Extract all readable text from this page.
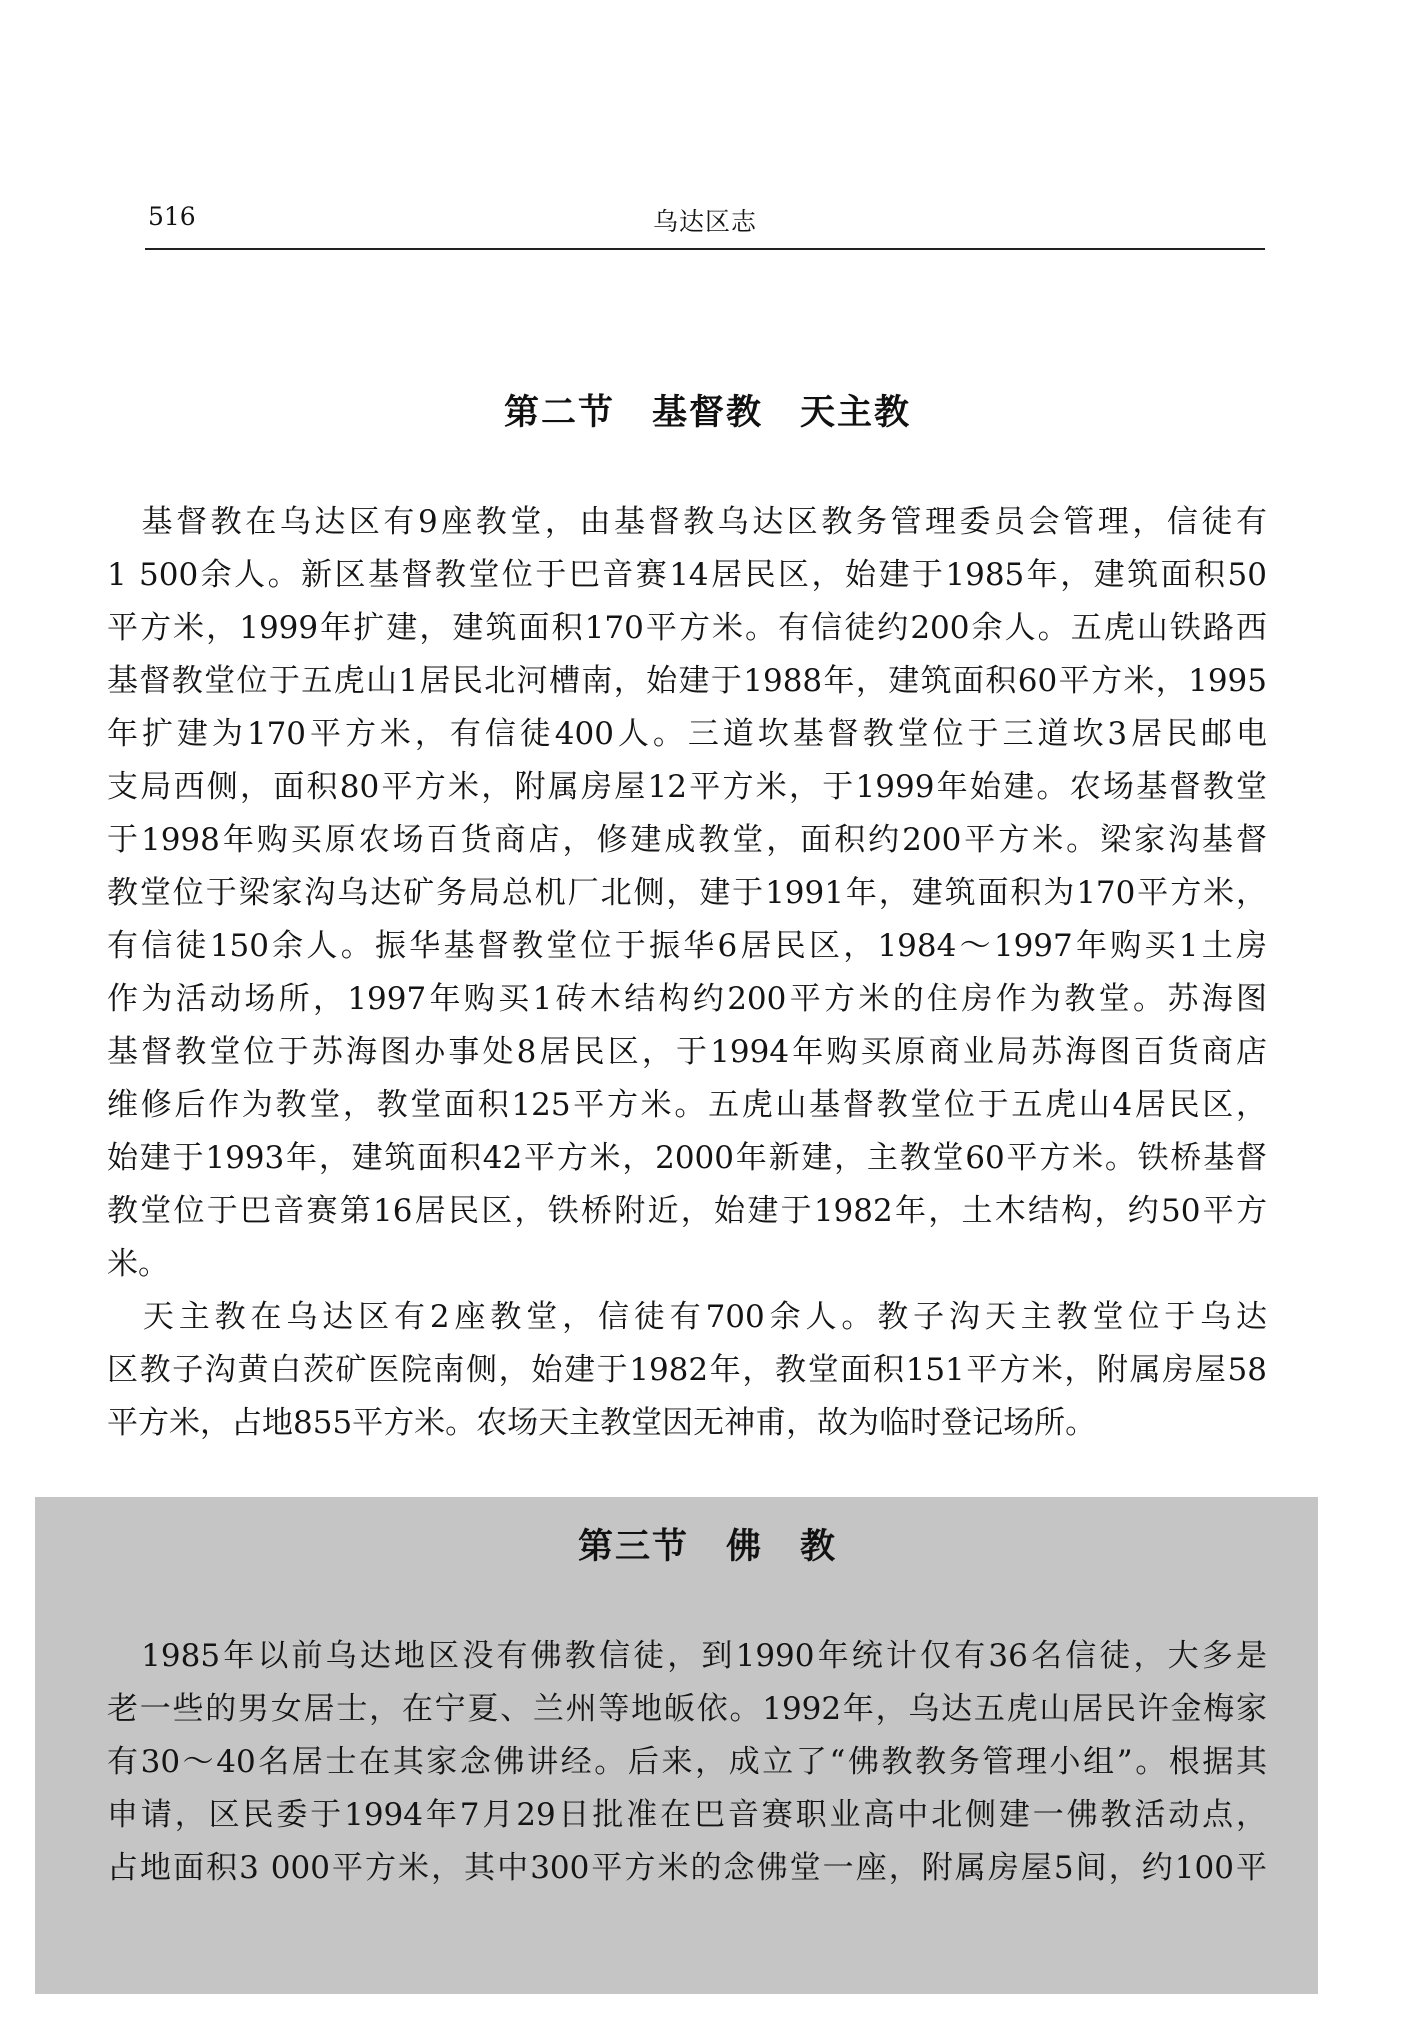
516	乌达区志
第二节　基督教　天主教
　基督教在乌达区有9座教堂，由基督教乌达区教务管理委员会管理，信徒有
1 500余人。新区基督教堂位于巴音赛14居民区，始建于1985年，建筑面积50
平方米，1999年扩建，建筑面积170平方米。有信徒约200余人。五虎山铁路西
基督教堂位于五虎山1居民北河槽南，始建于1988年，建筑面积60平方米，1995
年扩建为170平方米，有信徒400人。三道坎基督教堂位于三道坎3居民邮电
支局西侧，面积80平方米，附属房屋12平方米，于1999年始建。农场基督教堂
于1998年购买原农场百货商店，修建成教堂，面积约200平方米。梁家沟基督
教堂位于梁家沟乌达矿务局总机厂北侧，建于1991年，建筑面积为170平方米，
有信徒150余人。振华基督教堂位于振华6居民区，1984～1997年购买1土房
作为活动场所，1997年购买1砖木结构约200平方米的住房作为教堂。苏海图
基督教堂位于苏海图办事处8居民区，于1994年购买原商业局苏海图百货商店
维修后作为教堂，教堂面积125平方米。五虎山基督教堂位于五虎山4居民区，
始建于1993年，建筑面积42平方米，2000年新建，主教堂60平方米。铁桥基督
教堂位于巴音赛第16居民区，铁桥附近，始建于1982年，土木结构，约50平方
米。
　天主教在乌达区有2座教堂，信徒有700余人。教子沟天主教堂位于乌达
区教子沟黄白茨矿医院南侧，始建于1982年，教堂面积151平方米，附属房屋58
平方米，占地855平方米。农场天主教堂因无神甫，故为临时登记场所。
第三节　佛　教
　1985年以前乌达地区没有佛教信徒，到1990年统计仅有36名信徒，大多是
老一些的男女居士，在宁夏、兰州等地皈依。1992年，乌达五虎山居民许金梅家
有30～40名居士在其家念佛讲经。后来，成立了“佛教教务管理小组”。根据其
申请，区民委于1994年7月29日批准在巴音赛职业高中北侧建一佛教活动点，
占地面积3 000平方米，其中300平方米的念佛堂一座，附属房屋5间，约100平
